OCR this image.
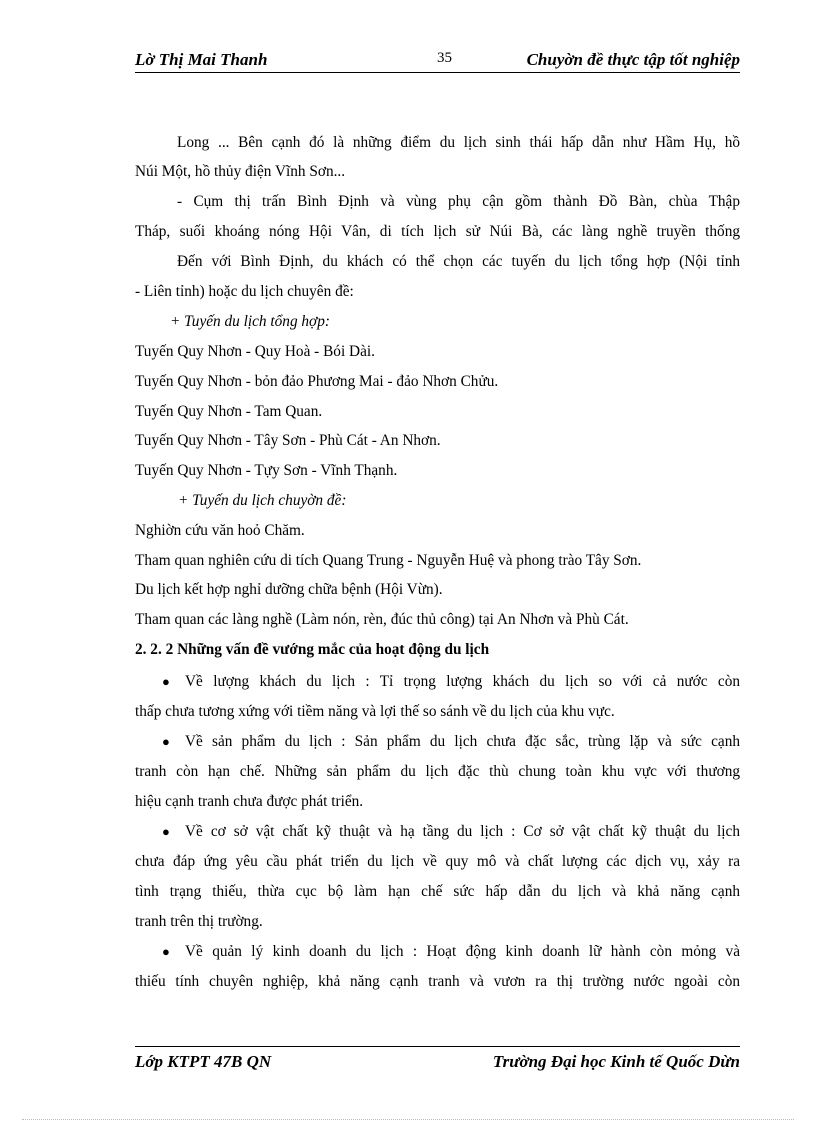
Lờ Thị Mai Thanh	35	Chuyờn đề thực tập tốt nghiệp
Long ... Bên cạnh đó là những điểm du lịch sinh thái hấp dẫn như Hầm Hụ, hồ
Núi Một, hồ thủy điện Vĩnh Sơn...
- Cụm thị trấn Bình Định và vùng phụ cận gồm thành Đồ Bàn, chùa Thập
Tháp, suối khoáng nóng Hội Vân, di tích lịch sử Núi Bà, các làng nghề truyền thống
Đến với Bình Định, du khách có thể chọn các tuyến du lịch tổng hợp (Nội tỉnh
- Liên tỉnh) hoặc du lịch chuyên đề:
+ Tuyến du lịch tổng hợp:
Tuyến Quy Nhơn - Quy Hoà - Bói Dài.
Tuyến Quy Nhơn - bỏn đảo Phương Mai - đảo Nhơn Chửu.
Tuyến Quy Nhơn - Tam Quan.
Tuyến Quy Nhơn - Tây Sơn - Phù Cát - An Nhơn.
Tuyến Quy Nhơn - Tựy Sơn - Vĩnh Thạnh.
+ Tuyến du lịch chuyờn đề:
Nghiờn cứu văn hoỏ Chăm.
Tham quan nghiên cứu di tích Quang Trung - Nguyễn Huệ và phong trào Tây Sơn.
Du lịch kết hợp nghỉ dưỡng chữa bệnh (Hội Vừn).
Tham quan các làng nghề (Làm nón, rèn, đúc thủ công) tại An Nhơn và Phù Cát.
2. 2. 2 Những vấn đề vướng mắc của hoạt động du lịch
● Về lượng khách du lịch : Tỉ trọng lượng khách du lịch so với cả nước còn
thấp chưa tương xứng với tiềm năng và lợi thế so sánh về du lịch của khu vực.
● Về sản phẩm du lịch : Sản phẩm du lịch chưa đặc sắc, trùng lặp và sức cạnh
tranh còn hạn chế. Những sản phẩm du lịch đặc thù chung toàn khu vực với thương
hiệu cạnh tranh chưa được phát triển.
● Về cơ sở vật chất kỹ thuật và hạ tầng du lịch : Cơ sở vật chất kỹ thuật du lịch
chưa đáp ứng yêu cầu phát triển du lịch về quy mô và chất lượng các dịch vụ, xảy ra
tình trạng thiếu, thừa cục bộ làm hạn chế sức hấp dẫn du lịch và khả năng cạnh
tranh trên thị trường.
● Về quản lý kinh doanh du lịch : Hoạt động kinh doanh lữ hành còn mỏng và
thiếu tính chuyên nghiệp, khả năng cạnh tranh và vươn ra thị trường nước ngoài còn
Lớp KTPT 47B QN	Trường Đại học Kinh tế Quốc Dừn
